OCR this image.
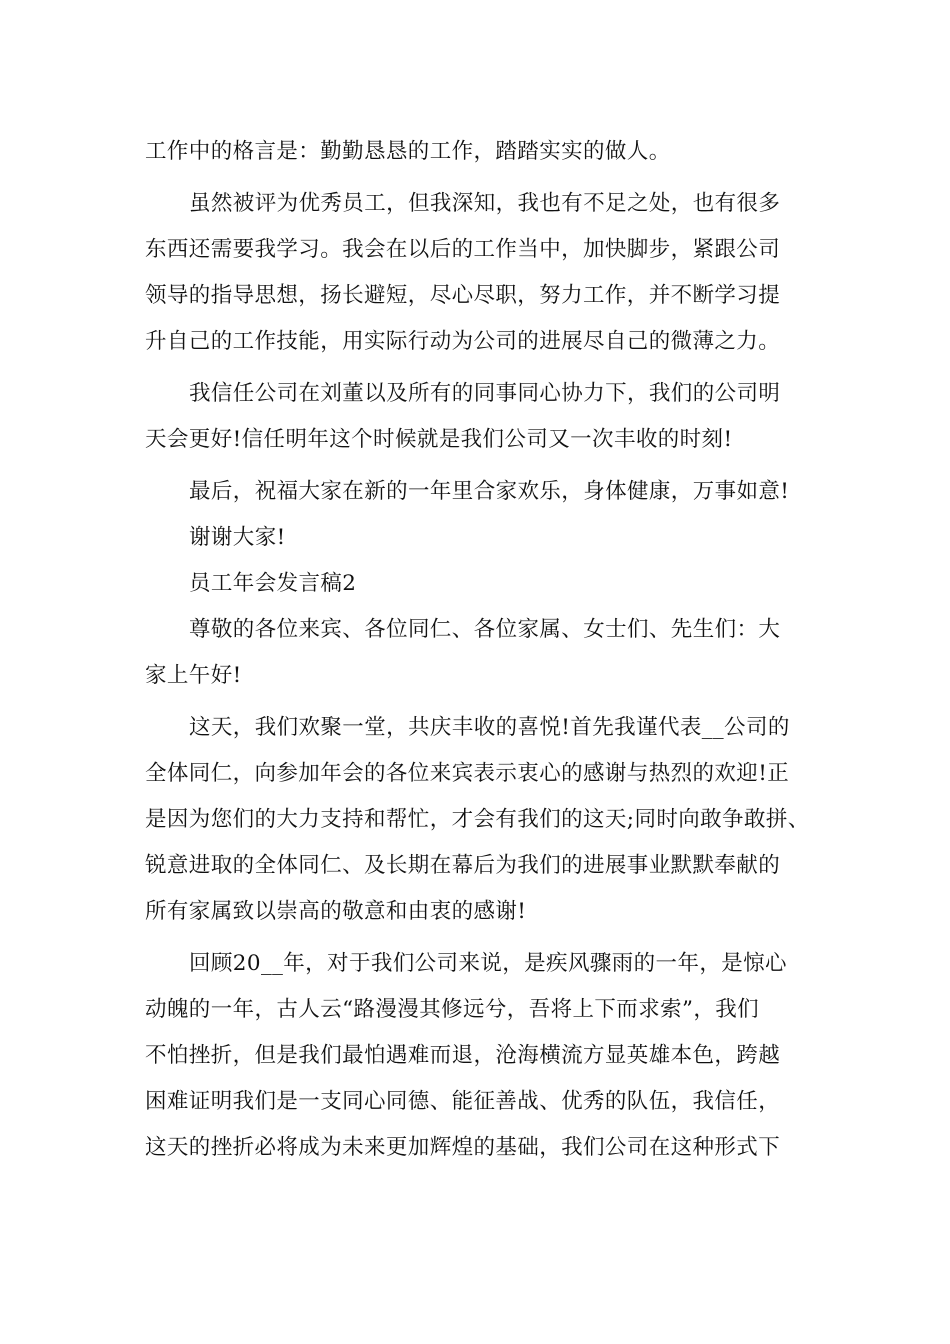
工作中的格言是：勤勤恳恳的工作，踏踏实实的做人。
虽然被评为优秀员工，但我深知，我也有不足之处，也有很多
东西还需要我学习。我会在以后的工作当中，加快脚步，紧跟公司
领导的指导思想，扬长避短，尽心尽职，努力工作，并不断学习提
升自己的工作技能，用实际行动为公司的进展尽自己的微薄之力。
我信任公司在刘董以及所有的同事同心协力下，我们的公司明
天会更好!信任明年这个时候就是我们公司又一次丰收的时刻!
最后，祝福大家在新的一年里合家欢乐，身体健康，万事如意!
谢谢大家!
员工年会发言稿2
尊敬的各位来宾、各位同仁、各位家属、女士们、先生们：大
家上午好!
这天，我们欢聚一堂，共庆丰收的喜悦!首先我谨代表__公司的
全体同仁，向参加年会的各位来宾表示衷心的感谢与热烈的欢迎!正
是因为您们的大力支持和帮忙，才会有我们的这天;同时向敢争敢拼、
锐意进取的全体同仁、及长期在幕后为我们的进展事业默默奉献的
所有家属致以崇高的敬意和由衷的感谢!
回顾20__年，对于我们公司来说，是疾风骤雨的一年，是惊心
动魄的一年，古人云“路漫漫其修远兮，吾将上下而求索”，我们
不怕挫折，但是我们最怕遇难而退，沧海横流方显英雄本色，跨越
困难证明我们是一支同心同德、能征善战、优秀的队伍，我信任，
这天的挫折必将成为未来更加辉煌的基础，我们公司在这种形式下
